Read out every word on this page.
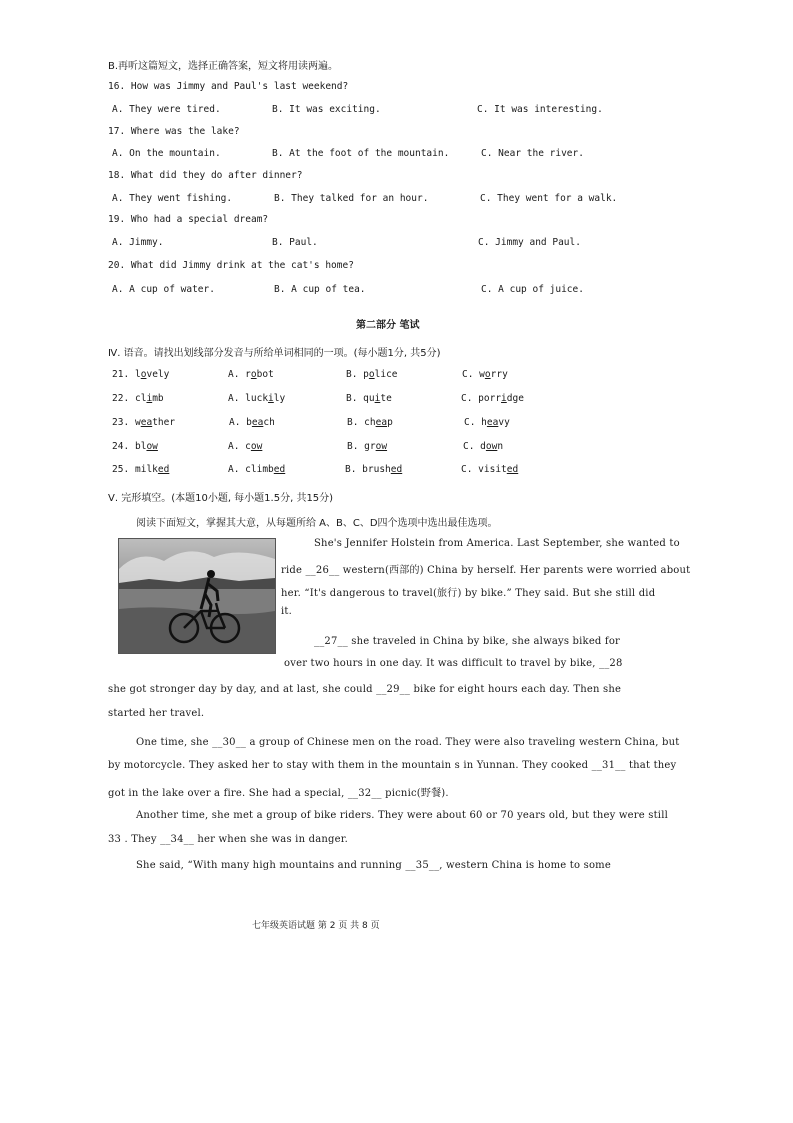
B.再听这篇短文，选择正确答案，短文将用读两遍。
16. How was Jimmy and Paul's last weekend?
A. They were tired.	B. It was exciting.	C. It was interesting.
17. Where was the lake?
A. On the mountain.	B. At the foot of the mountain.	C. Near the river.
18. What did they do after dinner?
A. They went fishing.	B. They talked for an hour.	C. They went for a walk.
19. Who had a special dream?
A. Jimmy.	B. Paul.	C. Jimmy and Paul.
20. What did Jimmy drink at the cat's home?
A. A cup of water.	B. A cup of tea.	C. A cup of juice.
第二部分 笔试
Ⅳ. 语音。请找出划线部分发音与所给单词相同的一项。(每小题1分, 共5分)
21. lovely	A. robot	B. police	C. worry
22. climb	A. luckily	B. quite	C. porridge
23. weather	A. beach	B. cheap	C. heavy
24. blow	A. cow	B. grow	C. down
25. milked	A. climbed	B. brushed	C. visited
Ⅴ. 完形填空。(本题10小题, 每小题1.5分, 共15分)
阅读下面短文，掌握其大意，从每题所给 A、B、C、D四个选项中选出最佳选项。
She's Jennifer Holstein from America. Last September, she wanted to
ride __26__ western(西部的) China by herself. Her parents were worried about
her. “It's dangerous to travel(旅行) by bike.” They said. But she still did
it.
__27__ she traveled in China by bike, she always biked for
over two hours in one day. It was difficult to travel by bike, __28
she got stronger day by day, and at last, she could __29__ bike for eight hours each day. Then she
started her travel.
One time, she __30__ a group of Chinese men on the road. They were also traveling western China, but
by motorcycle. They asked her to stay with them in the mountain s in Yunnan. They cooked __31__ that they
got in the lake over a fire. She had a special, __32__ picnic(野餐).
Another time, she met a group of bike riders. They were about 60 or 70 years old, but they were still
33 . They __34__ her when she was in danger.
She said, “With many high mountains and running __35__, western China is home to some
七年级英语试题 第 2 页 共 8 页
